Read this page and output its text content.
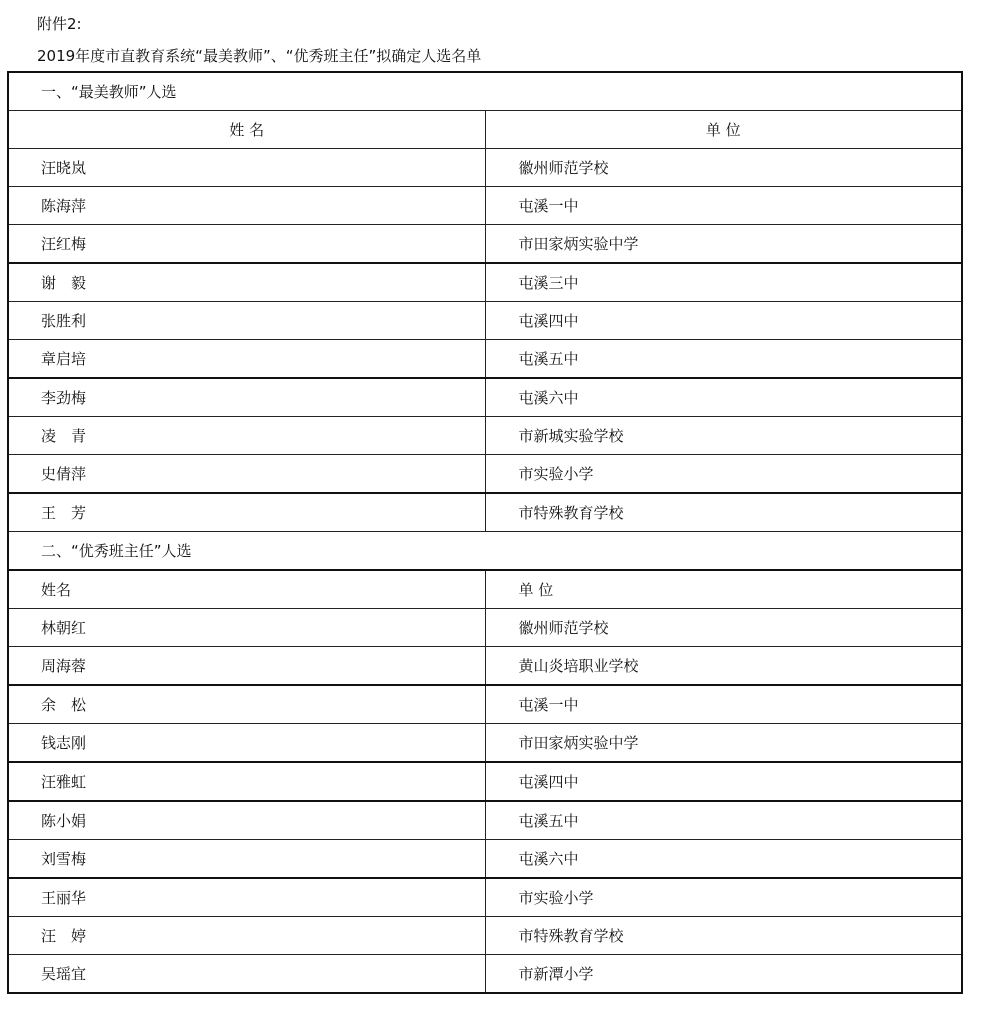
附件2:
2019年度市直教育系统“最美教师”、“优秀班主任”拟确定人选名单
一、“最美教师”人选	
姓 名	单 位
汪晓岚	徽州师范学校
陈海萍	屯溪一中
汪红梅	市田家炳实验中学
谢　毅	屯溪三中
张胜利	屯溪四中
章启培	屯溪五中
李劲梅	屯溪六中
凌　青	市新城实验学校
史倩萍	市实验小学
王　芳	市特殊教育学校
二、“优秀班主任”人选	
姓名	单 位
林朝红	徽州师范学校
周海蓉	黄山炎培职业学校
余　松	屯溪一中
钱志刚	市田家炳实验中学
汪雅虹	屯溪四中
陈小娟	屯溪五中
刘雪梅	屯溪六中
王丽华	市实验小学
汪　婷	市特殊教育学校
吴瑶宜	市新潭小学
